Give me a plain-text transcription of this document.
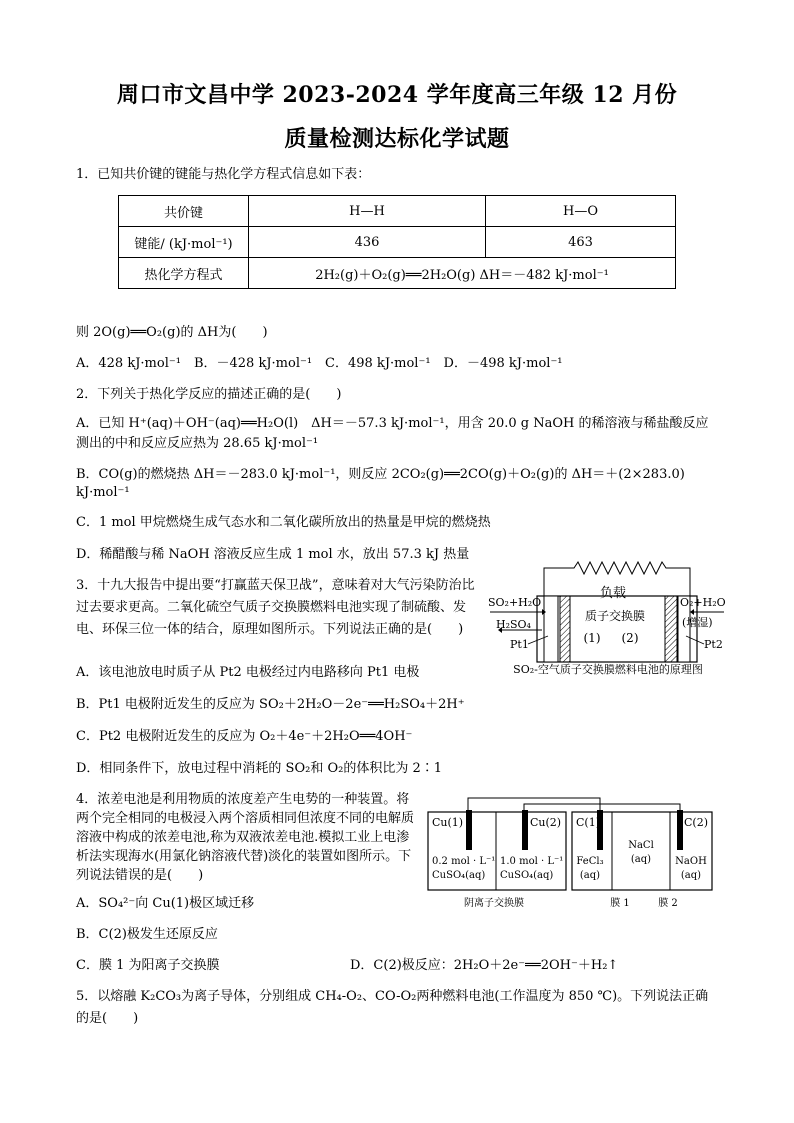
周口市文昌中学 2023-2024 学年度高三年级 12 月份
质量检测达标化学试题
1．已知共价键的键能与热化学方程式信息如下表：
共价键	H—H	H—O
键能/ (kJ·mol⁻¹)	436	463
热化学方程式	2H₂(g)＋O₂(g)══2H₂O(g) ΔH＝－482 kJ·mol⁻¹	
则 2O(g)══O₂(g)的 ΔH为(　　)
A．428 kJ·mol⁻¹　B．－428 kJ·mol⁻¹　C．498 kJ·mol⁻¹　D．－498 kJ·mol⁻¹
2．下列关于热化学反应的描述正确的是(　　)
A．已知 H⁺(aq)＋OH⁻(aq)══H₂O(l)　ΔH＝－57.3 kJ·mol⁻¹，用含 20.0 g NaOH 的稀溶液与稀盐酸反应测出的中和反应反应热为 28.65 kJ·mol⁻¹
B．CO(g)的燃烧热 ΔH＝－283.0 kJ·mol⁻¹，则反应 2CO₂(g)══2CO(g)＋O₂(g)的 ΔH＝＋(2×283.0) kJ·mol⁻¹
C．1 mol 甲烷燃烧生成气态水和二氧化碳所放出的热量是甲烷的燃烧热
D．稀醋酸与稀 NaOH 溶液反应生成 1 mol 水，放出 57.3 kJ 热量
3．十九大报告中提出要“打赢蓝天保卫战”，意味着对大气污染防治比过去要求更高。二氧化硫空气质子交换膜燃料电池实现了制硫酸、发电、环保三位一体的结合，原理如图所示。下列说法正确的是(　　)
负载
质子交换膜
(1) (2)
SO₂+H₂O
H₂SO₄
Pt1
O₂+H₂O
(增湿)
Pt2
SO₂-空气质子交换膜燃料电池的原理图
A．该电池放电时质子从 Pt2 电极经过内电路移向 Pt1 电极
B．Pt1 电极附近发生的反应为 SO₂＋2H₂O－2e⁻══H₂SO₄＋2H⁺
C．Pt2 电极附近发生的反应为 O₂＋4e⁻＋2H₂O══4OH⁻
D．相同条件下，放电过程中消耗的 SO₂和 O₂的体积比为 2∶1
4．浓差电池是利用物质的浓度差产生电势的一种装置。将两个完全相同的电极浸入两个溶质相同但浓度不同的电解质溶液中构成的浓差电池,称为双液浓差电池.模拟工业上电渗析法实现海水(用氯化钠溶液代替)淡化的装置如图所示。下列说法错误的是(　　)
Cu(1)	Cu(2)
0.2 mol · L⁻¹
CuSO₄(aq)
1.0 mol · L⁻¹
CuSO₄(aq)
C(1)	C(2)
FeCl₃
(aq)
NaCl
(aq) NaOH
(aq)
阴离子交换膜	膜 1	膜 2
A．SO₄²⁻向 Cu(1)极区域迁移
B．C(2)极发生还原反应
C．膜 1 为阳离子交换膜	D．C(2)极反应：2H₂O＋2e⁻══2OH⁻＋H₂↑
5．以熔融 K₂CO₃为离子导体，分别组成 CH₄-O₂、CO-O₂两种燃料电池(工作温度为 850 ℃)。下列说法正确的是(　　)
